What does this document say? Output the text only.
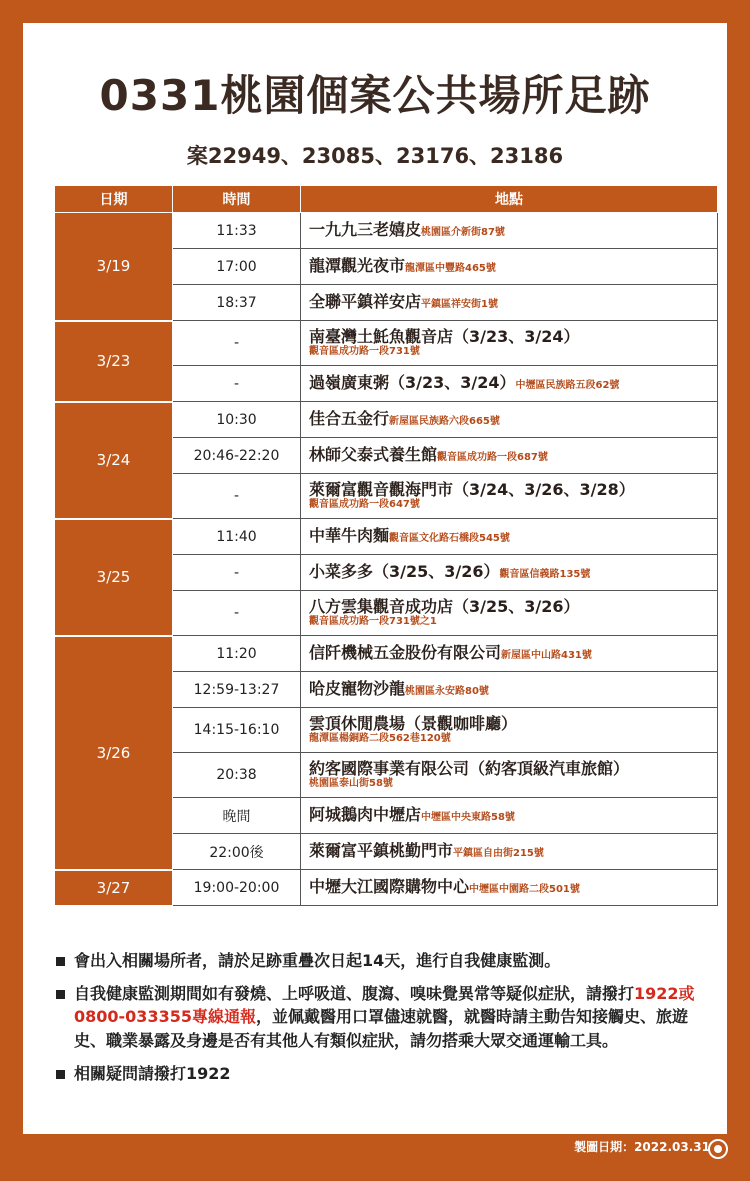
0331桃園個案公共場所足跡
案22949、23085、23176、23186
日期	時間	地點
3/19	11:33	一九九三老嬉皮桃園區介新街87號
	17:00	龍潭觀光夜市龍潭區中豐路465號
	18:37	全聯平鎮祥安店平鎮區祥安街1號
3/23	-	南臺灣土魠魚觀音店（3/23、3/24）
觀音區成功路一段731號

	-	過嶺廣東粥（3/23、3/24）中壢區民族路五段62號
3/24	10:30	佳合五金行新屋區民族路六段665號
	20:46-22:20	林師父泰式養生館觀音區成功路一段687號
	-	萊爾富觀音觀海門市（3/24、3/26、3/28）
觀音區成功路一段647號

3/25	11:40	中華牛肉麵觀音區文化路石橋段545號
	-	小菜多多（3/25、3/26）觀音區信義路135號
	-	八方雲集觀音成功店（3/25、3/26）
觀音區成功路一段731號之1

3/26	11:20	信阡機械五金股份有限公司新屋區中山路431號
	12:59-13:27	哈皮寵物沙龍桃園區永安路80號
	14:15-16:10	雲頂休閒農場（景觀咖啡廳）
龍潭區楊銅路二段562巷120號

	20:38	約客國際事業有限公司（約客頂級汽車旅館）
桃園區泰山街58號

	晚間	阿城鵝肉中壢店中壢區中央東路58號
	22:00後	萊爾富平鎮桃勤門市平鎮區自由街215號
3/27	19:00-20:00	中壢大江國際購物中心中壢區中園路二段501號
會出入相關場所者，請於足跡重疊次日起14天，進行自我健康監測。
自我健康監測期間如有發燒、上呼吸道、腹瀉、嗅味覺異常等疑似症狀，請撥打1922或0800-033355專線通報，並佩戴醫用口罩儘速就醫，就醫時請主動告知接觸史、旅遊史、職業暴露及身邊是否有其他人有類似症狀，請勿搭乘大眾交通運輸工具。
相關疑問請撥打1922
製圖日期：2022.03.31
